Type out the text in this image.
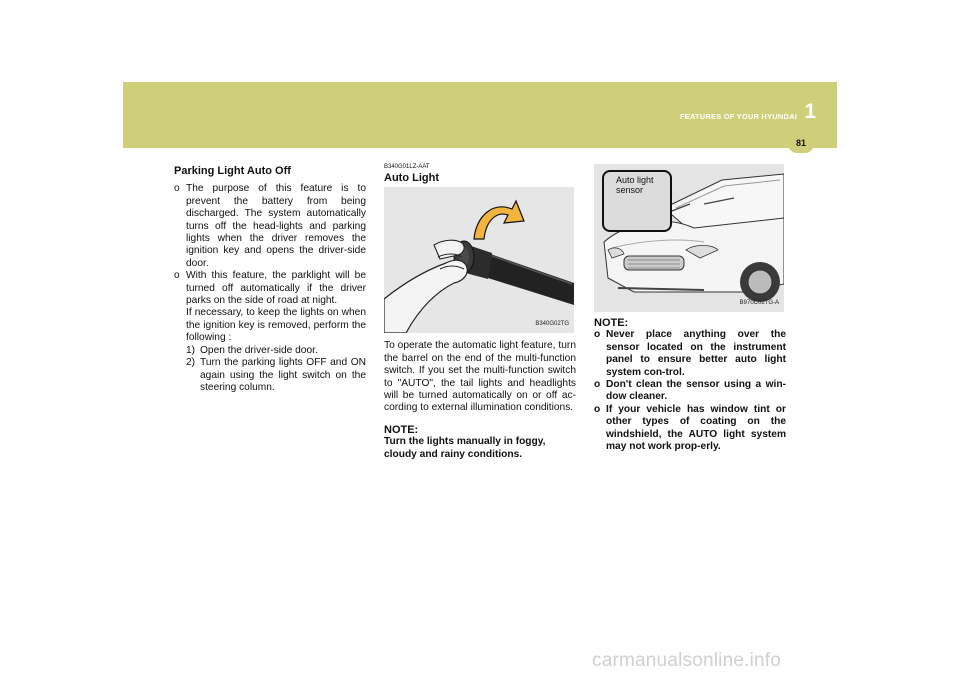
FEATURES OF YOUR HYUNDAI 1
81
Parking Light Auto Off
o The purpose of this feature is to prevent the battery from being discharged. The system automatically turns off the head-lights and parking lights when the driver removes the ignition key and opens the driver-side door.
o With this feature, the parklight will be turned off automatically if the driver parks on the side of road at night.
If necessary, to keep the lights on when the ignition key is removed, perform the following :
1) Open the driver-side door.
2) Turn the parking lights OFF and ON again using the light switch on the steering column.
B340G01LZ-AAT
Auto Light
B340G02TG
To operate the automatic light feature, turn the barrel on the end of the multi-function switch. If you set the multi-function switch to "AUTO", the tail lights and headlights will be turned automatically on or off ac-cording to external illumination conditions.
NOTE:
Turn the lights manually in foggy, cloudy and rainy conditions.
Auto light sensor
B970C02TG-A
NOTE:
o Never place anything over the sensor located on the instrument panel to ensure better auto light system con-trol.
o Don't clean the sensor using a win-dow cleaner.
o If your vehicle has window tint or other types of coating on the windshield, the AUTO light system may not work prop-erly.
carmanualsonline.info
